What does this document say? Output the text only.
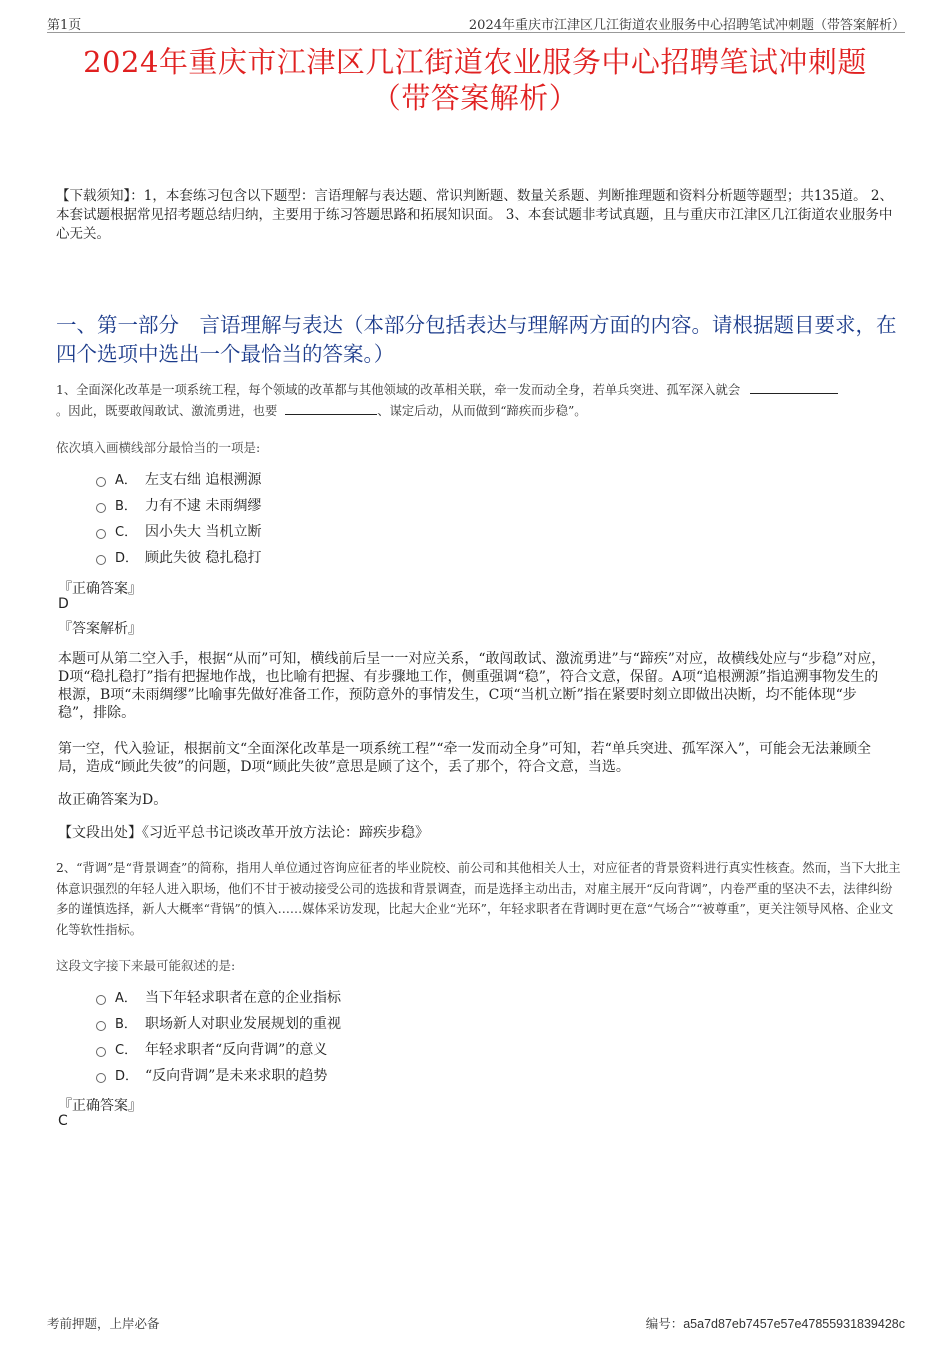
第1页	2024年重庆市江津区几江街道农业服务中心招聘笔试冲刺题（带答案解析）
2024年重庆市江津区几江街道农业服务中心招聘笔试冲刺题
（带答案解析）
【下载须知】：1，本套练习包含以下题型：言语理解与表达题、常识判断题、数量关系题、判断推理题和资料分析题等题型；共135道。 2、本套试题根据常见招考题总结归纳，主要用于练习答题思路和拓展知识面。 3、本套试题非考试真题，且与重庆市江津区几江街道农业服务中心无关。
一、第一部分　言语理解与表达（本部分包括表达与理解两方面的内容。请根据题目要求，在四个选项中选出一个最恰当的答案。）
1、全面深化改革是一项系统工程，每个领域的改革都与其他领域的改革相关联，牵一发而动全身，若单兵突进、孤军深入就会
。因此，既要敢闯敢试、激流勇进，也要	、谋定后动，从而做到“蹄疾而步稳”。
依次填入画横线部分最恰当的一项是:
A． 左支右绌 追根溯源
B． 力有不逮 未雨绸缪
C． 因小失大 当机立断
D． 顾此失彼 稳扎稳打
『正确答案』
D
『答案解析』
本题可从第二空入手，根据“从而”可知，横线前后呈一一对应关系，“敢闯敢试、激流勇进”与“蹄疾”对应，故横线处应与“步稳”对应，D项“稳扎稳打”指有把握地作战，也比喻有把握、有步骤地工作，侧重强调“稳”，符合文意，保留。A项“追根溯源”指追溯事物发生的根源，B项“未雨绸缪”比喻事先做好准备工作，预防意外的事情发生，C项“当机立断”指在紧要时刻立即做出决断，均不能体现“步稳”，排除。
第一空，代入验证，根据前文“全面深化改革是一项系统工程”“牵一发而动全身”可知，若“单兵突进、孤军深入”，可能会无法兼顾全局，造成“顾此失彼”的问题，D项“顾此失彼”意思是顾了这个，丢了那个，符合文意，当选。
故正确答案为D。
【文段出处】《习近平总书记谈改革开放方法论：蹄疾步稳》
2、“背调”是“背景调查”的简称，指用人单位通过咨询应征者的毕业院校、前公司和其他相关人士，对应征者的背景资料进行真实性核查。然而，当下大批主体意识强烈的年轻人进入职场，他们不甘于被动接受公司的选拔和背景调查，而是选择主动出击，对雇主展开“反向背调”，内卷严重的坚决不去，法律纠纷多的谨慎选择，新人大概率“背锅”的慎入……媒体采访发现，比起大企业“光环”，年轻求职者在背调时更在意“气场合”“被尊重”，更关注领导风格、企业文化等软性指标。
这段文字接下来最可能叙述的是:
A． 当下年轻求职者在意的企业指标
B． 职场新人对职业发展规划的重视
C． 年轻求职者“反向背调”的意义
D． “反向背调”是未来求职的趋势
『正确答案』
C
考前押题，上岸必备	编号：a5a7d87eb7457e57e47855931839428c
